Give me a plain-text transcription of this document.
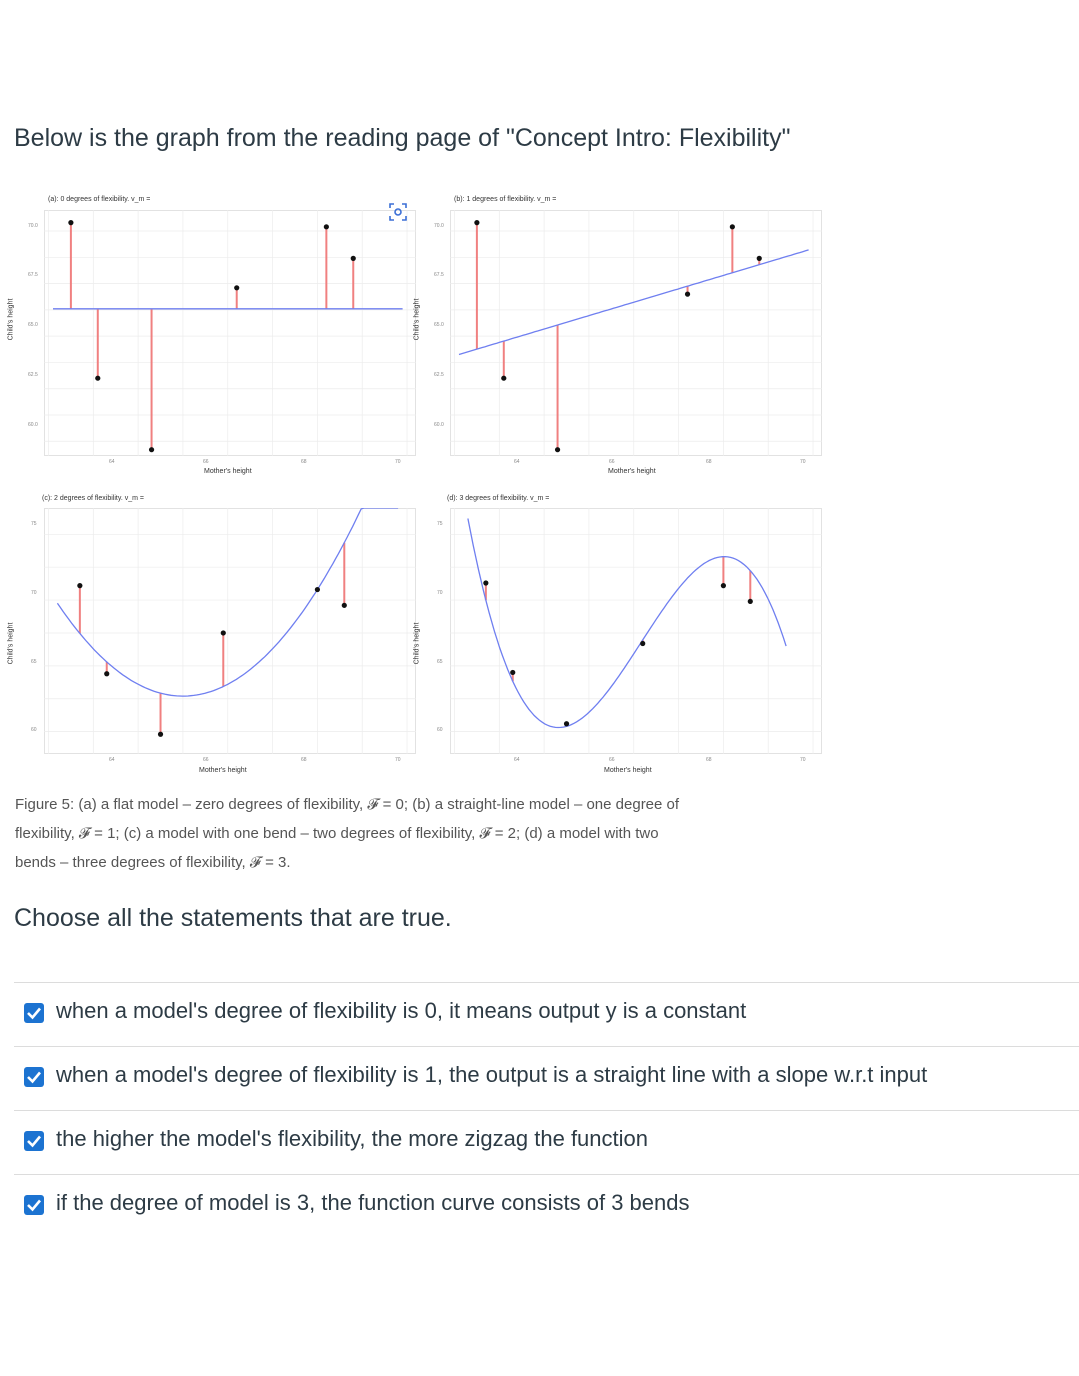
Below is the graph from the reading page of "Concept Intro: Flexibility"
(a): 0 degrees of flexibility. v_m =
Child's height
Mother's height
70.0
67.5
65.0
62.5
60.0
64	66	68	70
(b): 1 degrees of flexibility. v_m =
Child's height
Mother's height
70.0
67.5
65.0
62.5
60.0
64	66	68	70
(c): 2 degrees of flexibility. v_m =
Child's height
Mother's height
75
70
65
60
64	66	68	70
(d): 3 degrees of flexibility. v_m =
Child's height
Mother's height
75
70
65
60
64	66	68	70
Figure 5: (a) a flat model – zero degrees of flexibility, 𝓕 = 0; (b) a straight-line model – one degree of
flexibility, 𝓕 = 1; (c) a model with one bend – two degrees of flexibility, 𝓕 = 2; (d) a model with two
bends – three degrees of flexibility, 𝓕 = 3.
Choose all the statements that are true.
when a model's degree of flexibility is 0, it means output y is a constant
when a model's degree of flexibility is 1, the output is a straight line with a slope w.r.t input
the higher the model's flexibility, the more zigzag the function
if the degree of model is 3, the function curve consists of 3 bends
